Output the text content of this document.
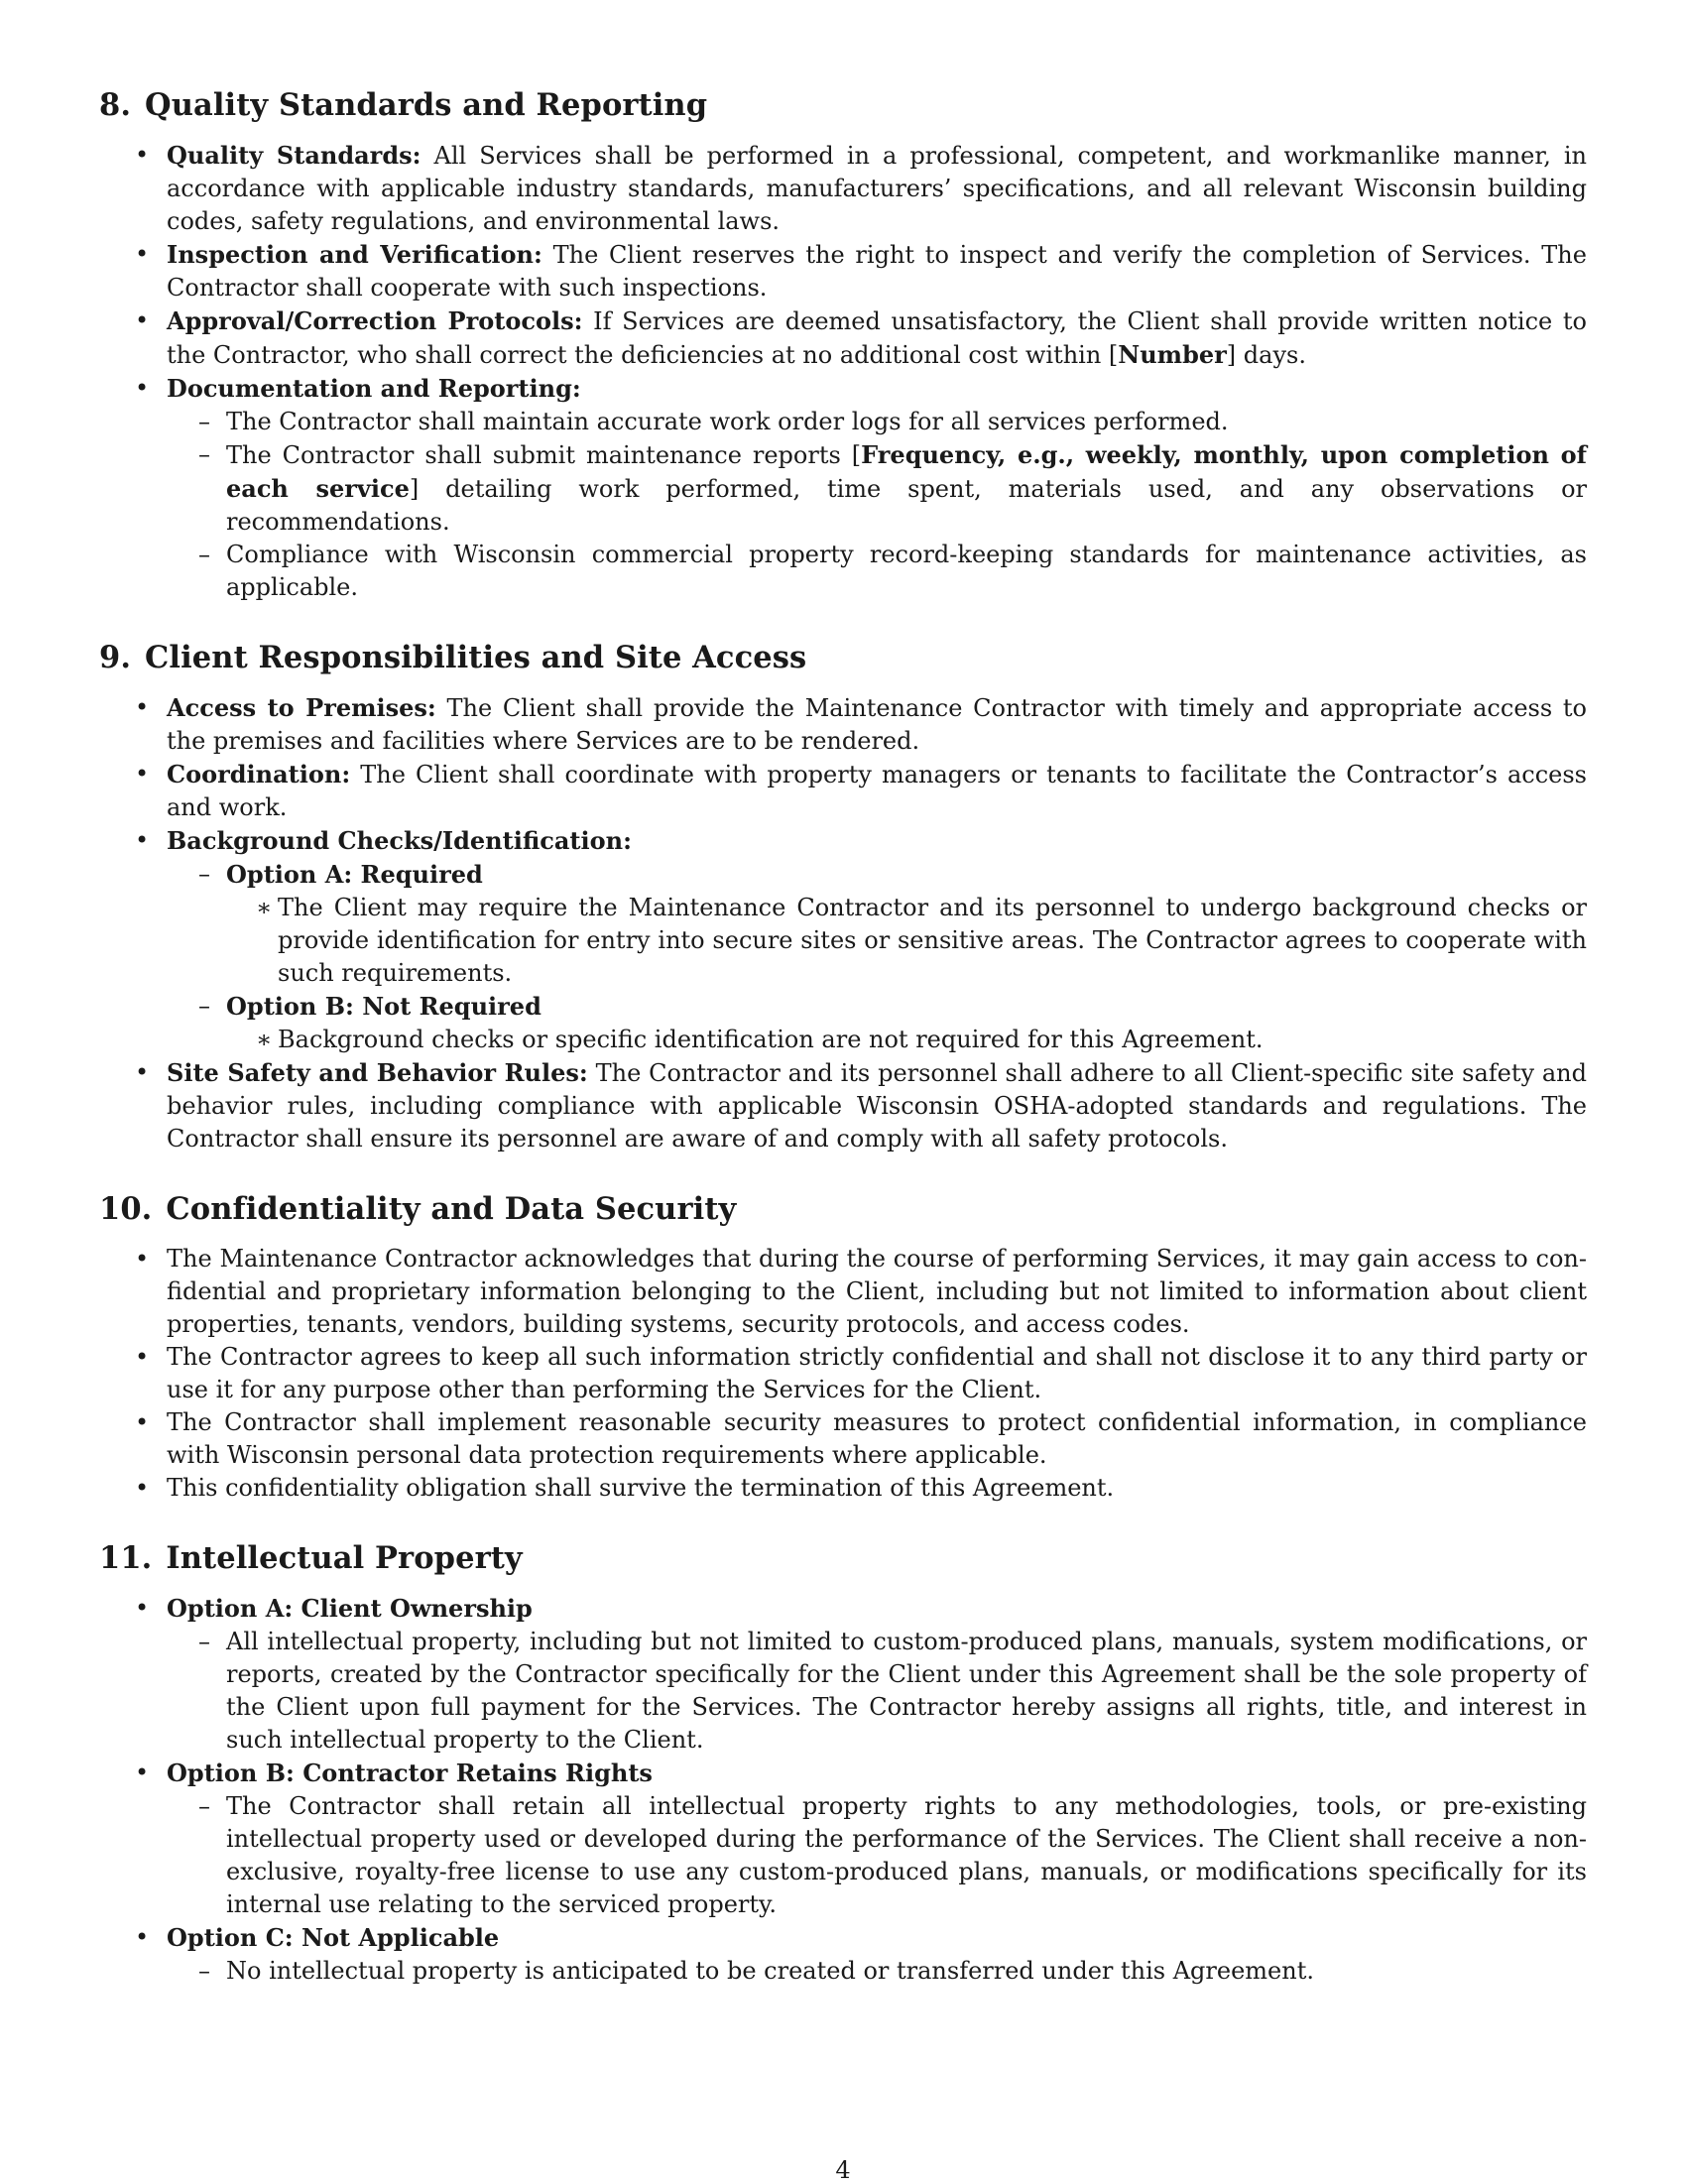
8. Quality Standards and Reporting
• Quality Standards: All Services shall be performed in a professional, competent, and workmanlike manner, in accordance with applicable industry standards, manufacturers’ specifications, and all relevant Wisconsin building codes, safety regulations, and environmental laws.
• Inspection and Verification: The Client reserves the right to inspect and verify the completion of Services. The Contractor shall cooperate with such inspections.
• Approval/Correction Protocols: If Services are deemed unsatisfactory, the Client shall provide written notice to the Contractor, who shall correct the deficiencies at no additional cost within [Number] days.
• Documentation and Reporting:
– The Contractor shall maintain accurate work order logs for all services performed.
– The Contractor shall submit maintenance reports [Frequency, e.g., weekly, monthly, upon completion of each service] detailing work performed, time spent, materials used, and any observations or recommendations.
– Compliance with Wisconsin commercial property record-keeping standards for maintenance activities, as applicable.
9. Client Responsibilities and Site Access
• Access to Premises: The Client shall provide the Maintenance Contractor with timely and appropriate access to the premises and facilities where Services are to be rendered.
• Coordination: The Client shall coordinate with property managers or tenants to facilitate the Contractor’s access and work.
• Background Checks/Identification:
– Option A: Required
∗ The Client may require the Maintenance Contractor and its personnel to undergo background checks or provide identification for entry into secure sites or sensitive areas. The Contractor agrees to cooperate with such requirements.
– Option B: Not Required
∗ Background checks or specific identification are not required for this Agreement.
• Site Safety and Behavior Rules: The Contractor and its personnel shall adhere to all Client-specific site safety and behavior rules, including compliance with applicable Wisconsin OSHA-adopted standards and regulations. The Contractor shall ensure its personnel are aware of and comply with all safety protocols.
10. Confidentiality and Data Security
• The Maintenance Contractor acknowledges that during the course of performing Services, it may gain access to confidential and proprietary information belonging to the Client, including but not limited to information about client properties, tenants, vendors, building systems, security protocols, and access codes.
• The Contractor agrees to keep all such information strictly confidential and shall not disclose it to any third party or use it for any purpose other than performing the Services for the Client.
• The Contractor shall implement reasonable security measures to protect confidential information, in compliance with Wisconsin personal data protection requirements where applicable.
• This confidentiality obligation shall survive the termination of this Agreement.
11. Intellectual Property
• Option A: Client Ownership
– All intellectual property, including but not limited to custom-produced plans, manuals, system modifications, or reports, created by the Contractor specifically for the Client under this Agreement shall be the sole property of the Client upon full payment for the Services. The Contractor hereby assigns all rights, title, and interest in such intellectual property to the Client.
• Option B: Contractor Retains Rights
– The Contractor shall retain all intellectual property rights to any methodologies, tools, or pre-existing intellectual property used or developed during the performance of the Services. The Client shall receive a non-exclusive, royalty-free license to use any custom-produced plans, manuals, or modifications specifically for its internal use relating to the serviced property.
• Option C: Not Applicable
– No intellectual property is anticipated to be created or transferred under this Agreement.
4
